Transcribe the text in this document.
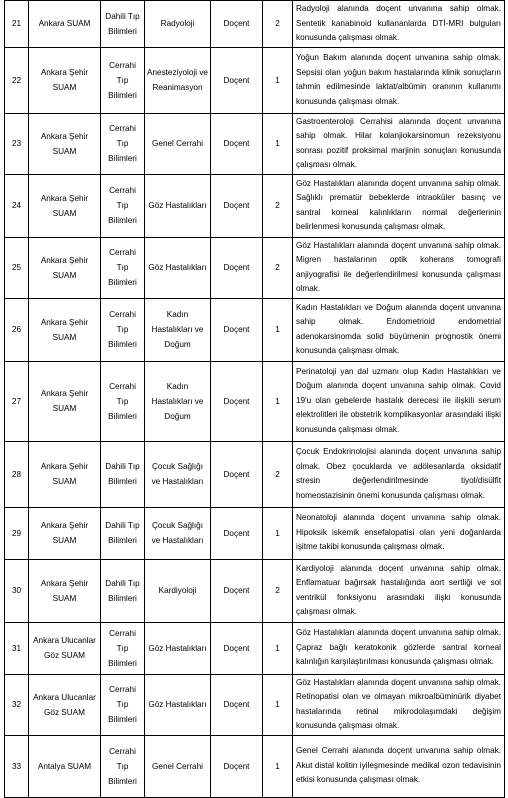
21	Ankara SUAM	Dahili Tıp Bilimleri	Radyoloji	Doçent	2	Radyoloji alanında doçent unvanına sahip olmak. Sentetik kanabinoid kullananlarda DTİ-MRI bulguları konusunda çalışması olmak.
22	Ankara Şehir SUAM	Cerrahi Tıp Bilimleri	Anesteziyoloji ve Reanimasyon	Doçent	1	Yoğun Bakım alanında doçent unvanına sahip olmak. Sepsisi olan yoğun bakım hastalarında klinik sonuçların tahmin edilmesinde laktat/albümin oranının kullanımı konusunda çalışması olmak.
23	Ankara Şehir SUAM	Cerrahi Tıp Bilimleri	Genel Cerrahi	Doçent	1	Gastroenteroloji Cerrahisi alanında doçent unvanına sahip olmak. Hilar kolanjiokarsinomun rezeksiyonu sonrası pozitif proksimal marjinin sonuçları konusunda çalışması olmak.
24	Ankara Şehir SUAM	Cerrahi Tıp Bilimleri	Göz Hastalıkları	Doçent	2	Göz Hastalıkları alanında doçent unvanına sahip olmak. Sağlıklı prematür bebeklerde intraoküler basınç ve santral korneal kalınlıkların normal değerlerinin belirlenmesi konusunda çalışması olmak.
25	Ankara Şehir SUAM	Cerrahi Tıp Bilimleri	Göz Hastalıkları	Doçent	2	Göz Hastalıkları alanında doçent unvanına sahip olmak. Migren hastalarının optik koherans tomografi anjiyografisi ile değerlendirilmesi konusunda çalışması olmak.
26	Ankara Şehir SUAM	Cerrahi Tıp Bilimleri	Kadın Hastalıkları ve Doğum	Doçent	1	Kadın Hastalıkları ve Doğum alanında doçent unvanına sahip olmak. Endometrioid endometrial adenokarsinomda solid büyümenin prognostik önemi konusunda çalışması olmak.
27	Ankara Şehir SUAM	Cerrahi Tıp Bilimleri	Kadın Hastalıkları ve Doğum	Doçent	1	Perinatoloji yan dal uzmanı olup Kadın Hastalıkları ve Doğum alanında doçent unvanına sahip olmak. Covid 19'u olan gebelerde hastalık derecesi ile ilişkili serum elektrolitleri ile obstetrik komplikasyonlar arasındaki ilişki konusunda çalışması olmak.
28	Ankara Şehir SUAM	Dahili Tıp Bilimleri	Çocuk Sağlığı ve Hastalıkları	Doçent	2	Çocuk Endokrinolojisi alanında doçent unvanına sahip olmak. Obez çocuklarda ve adölesanlarda oksidatif stresin değerlendirilmesinde tiyol/disülfit homeostazisinin önemi konusunda çalışması olmak.
29	Ankara Şehir SUAM	Dahili Tıp Bilimleri	Çocuk Sağlığı ve Hastalıkları	Doçent	1	Neonatoloji alanında doçent unvanına sahip olmak. Hipoksik iskemik ensefalopatisi olan yeni doğanlarda işitme takibi konusunda çalışması olmak.
30	Ankara Şehir SUAM	Dahili Tıp Bilimleri	Kardiyoloji	Doçent	2	Kardiyoloji alanında doçent unvanına sahip olmak. Enflamatuar bağırsak hastalığında aort sertliği ve sol ventrikül fonksiyonu arasındaki ilişki konusunda çalışması olmak.
31	Ankara Ulucanlar Göz SUAM	Cerrahi Tıp Bilimleri	Göz Hastalıkları	Doçent	1	Göz Hastalıkları alanında doçent unvanına sahip olmak. Çapraz bağlı keratokonik gözlerde santral korneal kalınlığın karşılaştırılması konusunda çalışması olmak.
32	Ankara Ulucanlar Göz SUAM	Cerrahi Tıp Bilimleri	Göz Hastalıkları	Doçent	1	Göz Hastalıkları alanında doçent unvanına sahip olmak. Retinopatisi olan ve olmayan mikroalbüminürik diyabet hastalarında retinal mikrodolaşımdaki değişim konusunda çalışması olmak.
33	Antalya SUAM	Cerrahi Tıp Bilimleri	Genel Cerrahi	Doçent	1	Genel Cerrahi alanında doçent unvanına sahip olmak. Akut distal kolitin iyileşmesinde medikal ozon tedavisinin etkisi konusunda çalışması olmak.
